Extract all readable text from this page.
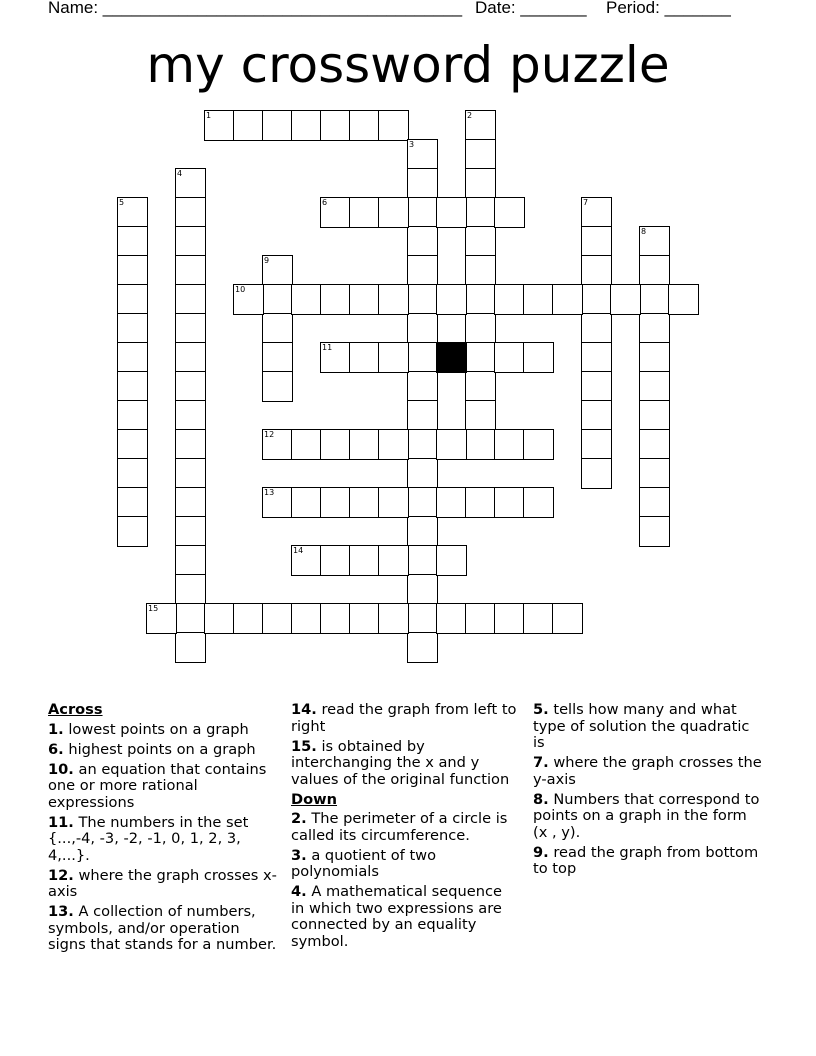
Name: ______________________________________ Date: _______ Period: _______
my crossword puzzle
1	2
3
4
5	6	7
8
9
10
11
12
13
14
15
Across
1. lowest points on a graph
6. highest points on a graph
10. an equation that contains one or more rational expressions
11. The numbers in the set {...,-4, -3, -2, -1, 0, 1, 2, 3, 4,...}.
12. where the graph crosses x-axis
13. A collection of numbers, symbols, and/or operation signs that stands for a number.
14. read the graph from left to right
15. is obtained by interchanging the x and y values of the original function
Down
2. The perimeter of a circle is called its circumference.
3. a quotient of two polynomials
4. A mathematical sequence in which two expressions are connected by an equality symbol.
5. tells how many and what type of solution the quadratic is
7. where the graph crosses the y-axis
8. Numbers that correspond to points on a graph in the form (x , y).
9. read the graph from bottom to top
